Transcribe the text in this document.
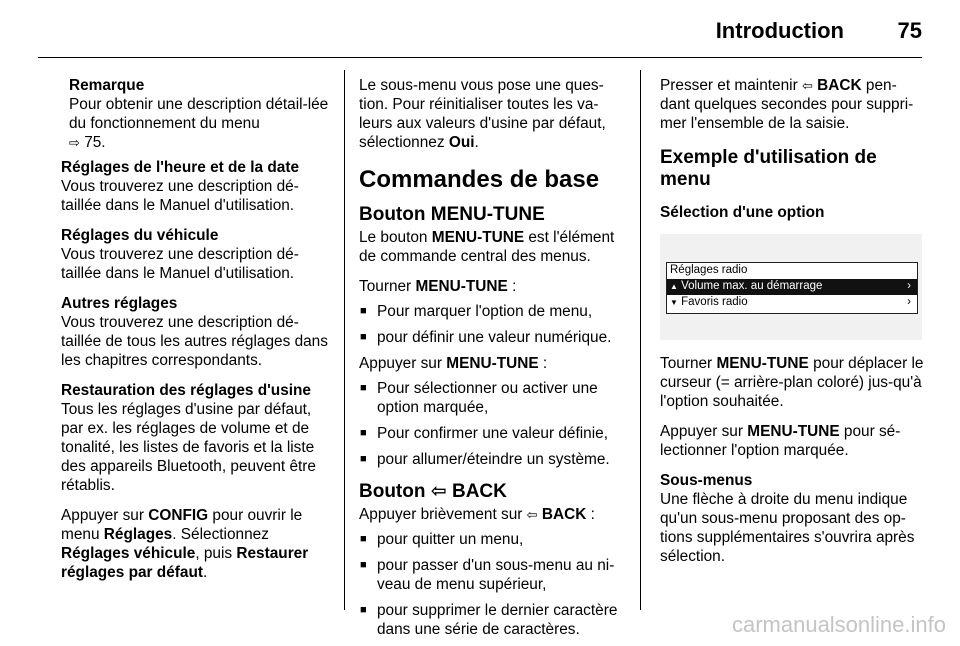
Introduction 75
Remarque
Pour obtenir une description détail-lée du fonctionnement du menu
⇨ 75.

Réglages de l'heure et de la date
Vous trouverez une description dé-taillée dans le Manuel d'utilisation.

Réglages du véhicule
Vous trouverez une description dé-taillée dans le Manuel d'utilisation.

Autres réglages
Vous trouverez une description dé-taillée de tous les autres réglages dans les chapitres correspondants.

Restauration des réglages d'usine
Tous les réglages d'usine par défaut, par ex. les réglages de volume et de tonalité, les listes de favoris et la liste des appareils Bluetooth, peuvent être rétablis.

Appuyer sur CONFIG pour ouvrir le menu Réglages. Sélectionnez Réglages véhicule, puis Restaurer réglages par défaut.

Le sous-menu vous pose une ques-tion. Pour réinitialiser toutes les va-leurs aux valeurs d'usine par défaut, sélectionnez Oui.

Commandes de base
Bouton MENU-TUNE

Le bouton MENU-TUNE est l'élément de commande central des menus.

Tourner MENU-TUNE :

■ Pour marquer l'option de menu,
■ pour définir une valeur numérique.

Appuyer sur MENU-TUNE :

■ Pour sélectionner ou activer une option marquée,
■ Pour confirmer une valeur définie,
■ pour allumer/éteindre un système.
Bouton ⇦ BACK

Appuyer brièvement sur ⇦ BACK :

■ pour quitter un menu,
■ pour passer d'un sous-menu au ni-veau de menu supérieur,
■ pour supprimer le dernier caractère dans une série de caractères.

Presser et maintenir ⇦ BACK pen-dant quelques secondes pour suppri-mer l'ensemble de la saisie.

Exemple d'utilisation de menu
Sélection d'une option
Réglages radio
▲ Volume max. au démarrage	›
▼ Favoris radio	›

Tourner MENU-TUNE pour déplacer le curseur (= arrière-plan coloré) jus-qu'à l'option souhaitée.

Appuyer sur MENU-TUNE pour sé-lectionner l'option marquée.

Sous-menus
Une flèche à droite du menu indique qu'un sous-menu proposant des op-tions supplémentaires s'ouvrira après sélection.

carmanualsonline.info
